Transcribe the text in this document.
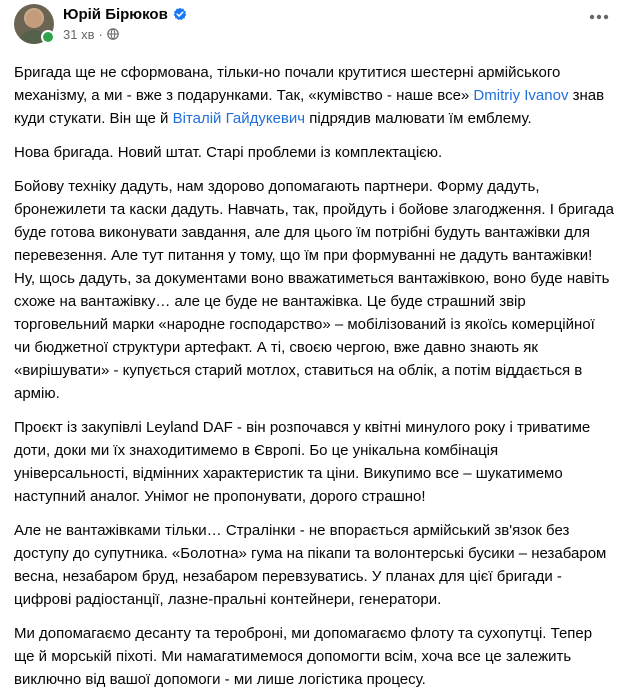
Юрій Бірюков
31 хв ·

Бригада ще не сформована, тільки-но почали крутитися шестерні армійського механізму, а ми - вже з подарунками. Так, «кумівство - наше все» Dmitriy Ivanov знав куди стукати. Він ще й Віталій Гайдукевич підрядив малювати їм емблему.

Нова бригада. Новий штат. Старі проблеми із комплектацією.

Бойову техніку дадуть, нам здорово допомагають партнери. Форму дадуть, бронежилети та каски дадуть. Навчать, так, пройдуть і бойове злагодження. І бригада буде готова виконувати завдання, але для цього їм потрібні будуть вантажівки для перевезення. Але тут питання у тому, що їм при формуванні не дадуть вантажівки! Ну, щось дадуть, за документами воно вважатиметься вантажівкою, воно буде навіть схоже на вантажівку… але це буде не вантажівка. Це буде страшний звір торговельний марки «народне господарство» – мобілізований із якоїсь комерційної чи бюджетної структури артефакт. А ті, своєю чергою, вже давно знають як «вирішувати» - купується старий мотлох, ставиться на облік, а потім віддається в армію.

Проєкт із закупівлі Leyland DAF - він розпочався у квітні минулого року і триватиме доти, доки ми їх знаходитимемо в Європі. Бо це унікальна комбінація універсальності, відмінних характеристик та ціни. Викупимо все – шукатимемо наступний аналог. Унімог не пропонувати, дорого страшно!

Але не вантажівками тільки… Стралінки - не впорається армійський зв'язок без доступу до супутника. «Болотна» гума на пікапи та волонтерські бусики – незабаром весна, незабаром бруд, незабаром перевзуватись. У планах для цієї бригади - цифрові радіостанції, лазне-пральні контейнери, генератори.

Ми допомагаємо десанту та тероброні, ми допомагаємо флоту та сухопутці. Тепер ще й морській піхоті. Ми намагатимемося допомогти всім, хоча все це залежить виключно від вашої допомоги - ми лише логістика процесу.
